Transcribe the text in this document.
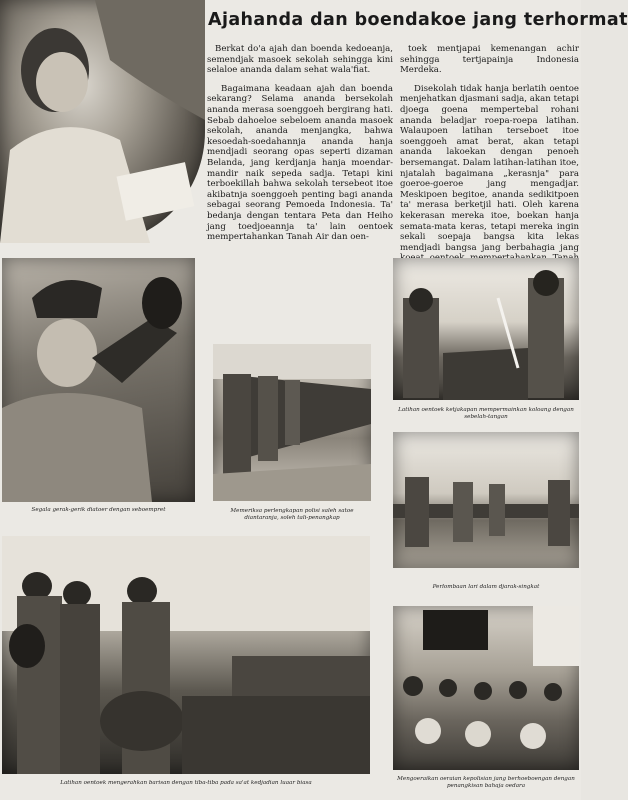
Ajahanda dan boendakoe jang terhormat

Berkat do'a ajah dan boenda kedoeanja, semendjak masoek sekolah sehingga kini selaloe ananda dalam sehat wala'fiat.

Bagaimana keadaan ajah dan boenda sekarang? Selama ananda bersekolah ananda merasa soenggoeh bergirang hati. Sebab dahoeloe sebeloem ananda masoek sekolah, ananda menjangka, bahwa kesoedah-soedahannja ananda hanja mendjadi seorang opas seperti dizaman Belanda, jang kerdjanja hanja moendar-mandir naik sepeda sadja. Tetapi kini terboekillah bahwa sekolah tersebeot itoe akibatnja soenggoeh penting bagi ananda sebagai seorang Pemoeda Indonesia. Ta' bedanja dengan tentara Peta dan Heiho jang toedjoeannja ta' lain oentoek mempertahankan Tanah Air dan oen-

toek mentjapai kemenangan achir sehingga tertjapainja Indonesia Merdeka.

Disekolah tidak hanja berlatih oentoe menjehatkan djasmani sadja, akan tetapi djoega goena mempertebal rohani ananda beladjar roepa-roepa latihan. Walaupoen latihan terseboet itoe soenggoeh amat berat, akan tetapi ananda lakoekan dengan penoeh bersemangat. Dalam latihan-latihan itoe, njatalah bagaimana „kerasnja" para goeroe-goeroe jang mengadjar. Meskipoen begitoe, ananda sedikitpoen ta' merasa berketjil hati. Oleh karena kekerasan mereka itoe, boekan hanja semata-mata keras, tetapi mereka ingin sekali soepaja bangsa kita lekas mendjadi bangsa jang berbahagia jang

Segala gerak-gerik diatoer dengan seboempret	Memeriksa perlengkapan polisi saleh satoe diantaranja, soleh tali-penangkap
Latihan oentoek ketjakapan mempermainkan koloang dengan sebelah-tangan
Perlombaan lari dalam djarak-singkat
Latihan oentoek mengerahkan barisan dengan tiba-tiba pada sa'at kedjadian luaar biasa
Mengoeraikan oeraian kepolisian jang berhoeboengan dengan penangkisan bahaja oedara
